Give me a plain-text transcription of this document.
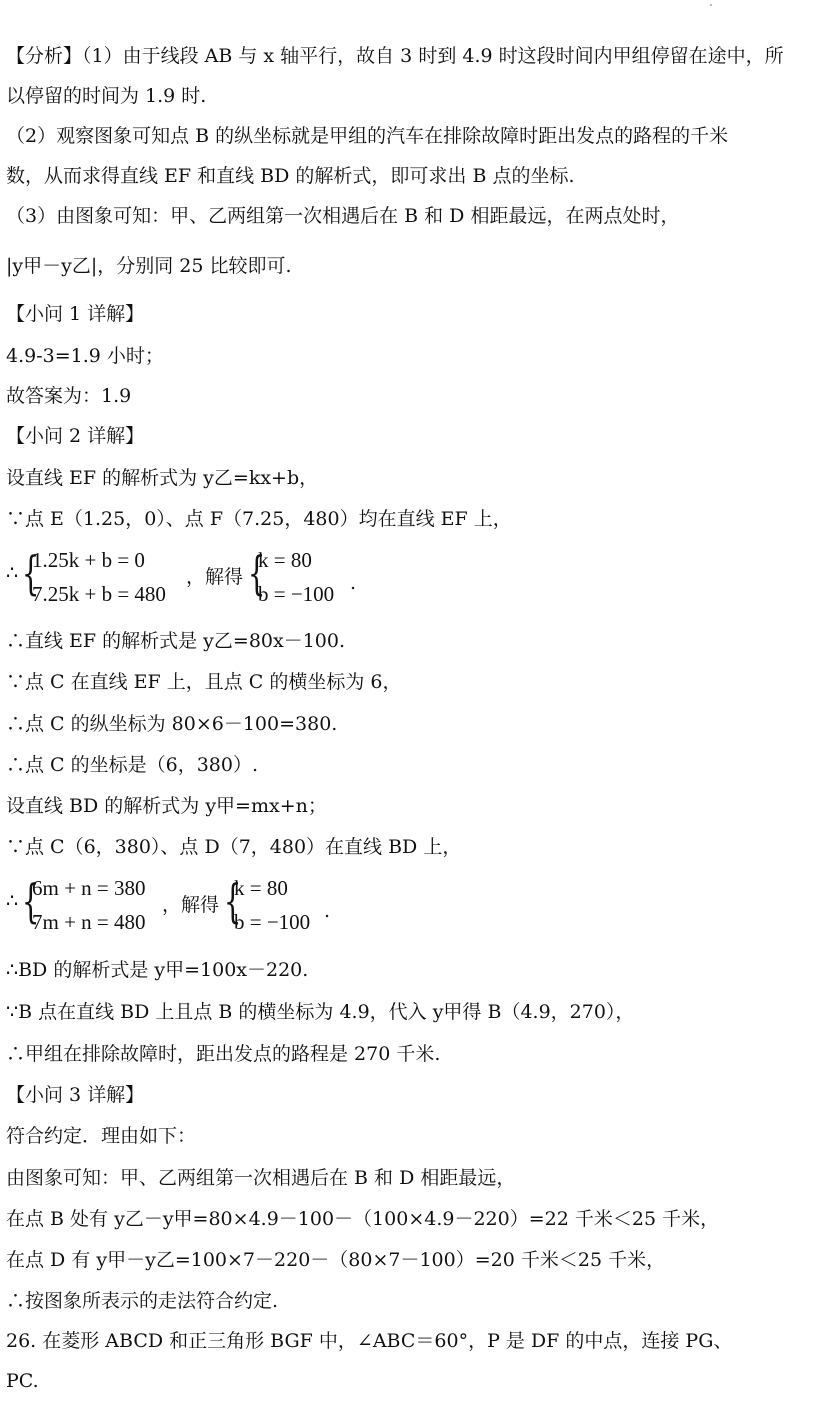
【分析】（1）由于线段 AB 与 x 轴平行，故自 3 时到 4.9 时这段时间内甲组停留在途中，所
以停留的时间为 1.9 时.
（2）观察图象可知点 B 的纵坐标就是甲组的汽车在排除故障时距出发点的路程的千米
数，从而求得直线 EF 和直线 BD 的解析式，即可求出 B 点的坐标.
（3）由图象可知：甲、乙两组第一次相遇后在 B 和 D 相距最远，在两点处时，
|y甲－y乙|，分别同 25 比较即可.
【小问 1 详解】
4.9-3=1.9 小时；
故答案为：1.9
【小问 2 详解】
设直线 EF 的解析式为 y乙=kx+b，
∵点 E（1.25，0）、点 F（7.25，480）均在直线 EF 上，
∴ {
1.25k + b = 0
7.25k + b = 480
，解得 {
k = 80
b = −100 .
∴直线 EF 的解析式是 y乙=80x－100.
∵点 C 在直线 EF 上，且点 C 的横坐标为 6，
∴点 C 的纵坐标为 80×6－100=380.
∴点 C 的坐标是（6，380）.
设直线 BD 的解析式为 y甲=mx+n；
∵点 C（6，380）、点 D（7，480）在直线 BD 上，
∴ {
6m + n = 380
7m + n = 480
，解得 {
k = 80
b = −100 .
∴BD 的解析式是 y甲=100x－220.
∵B 点在直线 BD 上且点 B 的横坐标为 4.9，代入 y甲得 B（4.9，270），
∴甲组在排除故障时，距出发点的路程是 270 千米.
【小问 3 详解】
符合约定．理由如下：
由图象可知：甲、乙两组第一次相遇后在 B 和 D 相距最远，
在点 B 处有 y乙－y甲=80×4.9－100－（100×4.9－220）=22 千米＜25 千米，
在点 D 有 y甲－y乙=100×7－220－（80×7－100）=20 千米＜25 千米，
∴按图象所表示的走法符合约定.
26. 在菱形 ABCD 和正三角形 BGF 中，∠ABC＝60°，P 是 DF 的中点，连接 PG、
PC.
